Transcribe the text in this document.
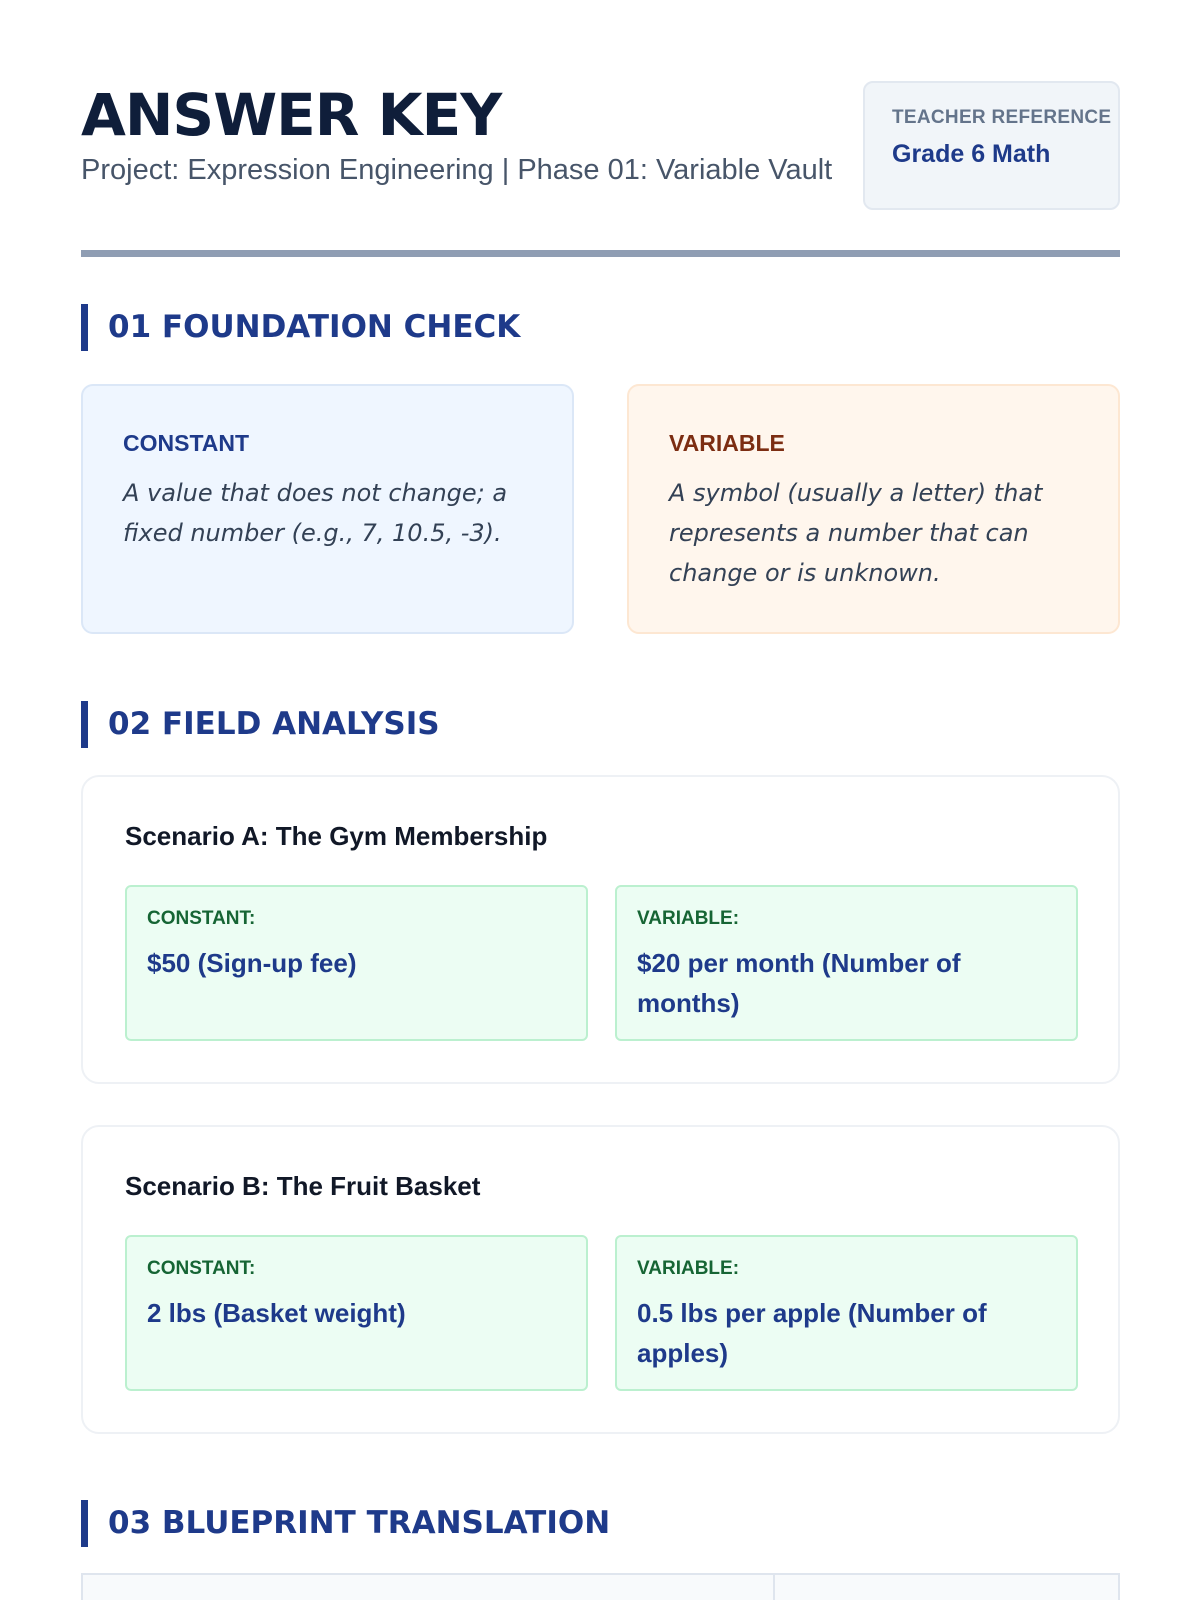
ANSWER KEY
Project: Expression Engineering | Phase 01: Variable Vault
TEACHER REFERENCE
Grade 6 Math
01 FOUNDATION CHECK
CONSTANT
A value that does not change; a fixed number (e.g., 7, 10.5, -3).
VARIABLE
A symbol (usually a letter) that represents a number that can change or is unknown.
02 FIELD ANALYSIS
Scenario A: The Gym Membership
CONSTANT:
$50 (Sign-up fee)
VARIABLE:
$20 per month (Number of months)
Scenario B: The Fruit Basket
CONSTANT:
2 lbs (Basket weight)
VARIABLE:
0.5 lbs per apple (Number of apples)
03 BLUEPRINT TRANSLATION
